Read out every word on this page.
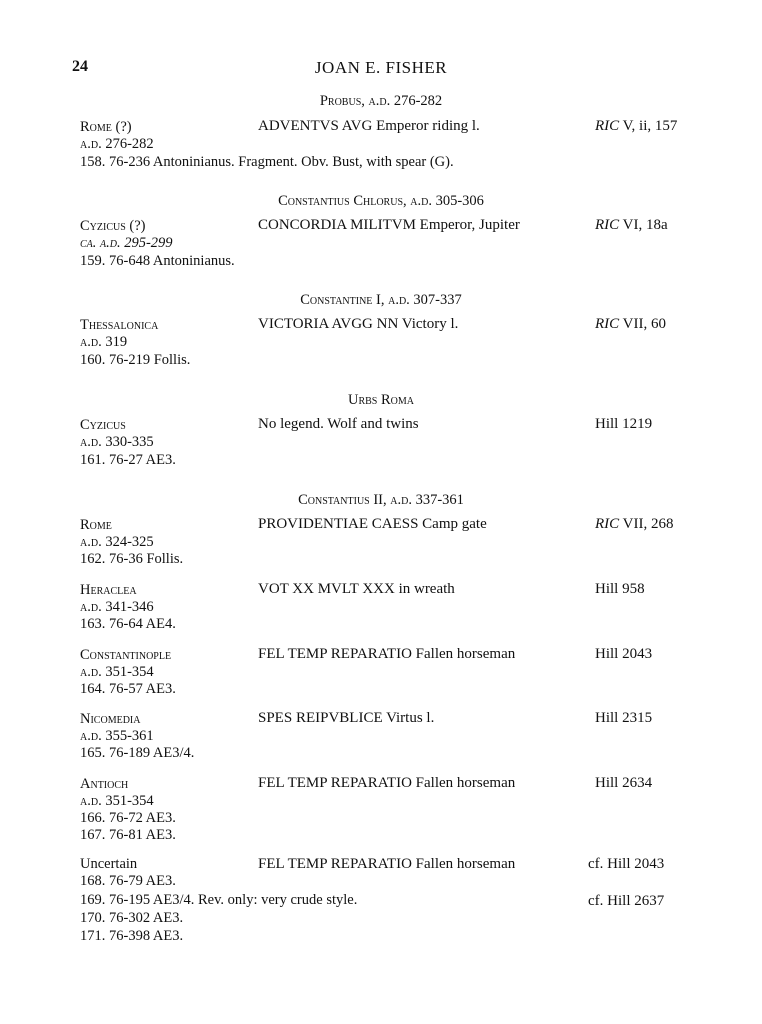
24	JOAN E. FISHER
Probus, a.d. 276-282
Rome (?)	ADVENTVS AVG Emperor riding l.	RIC V, ii, 157
a.d. 276-282
158. 76-236 Antoninianus. Fragment. Obv. Bust, with spear (G).
Constantius Chlorus, a.d. 305-306
Cyzicus (?)	CONCORDIA MILITVM Emperor, Jupiter	RIC VI, 18a
ca. a.d. 295-299
159. 76-648 Antoninianus.
Constantine I, a.d. 307-337
Thessalonica	VICTORIA AVGG NN Victory l.	RIC VII, 60
a.d. 319
160. 76-219 Follis.
Urbs Roma
Cyzicus	No legend. Wolf and twins	Hill 1219
a.d. 330-335
161. 76-27 AE3.
Constantius II, a.d. 337-361
Rome	PROVIDENTIAE CAESS Camp gate	RIC VII, 268
a.d. 324-325
162. 76-36 Follis.
Heraclea	VOT XX MVLT XXX in wreath	Hill 958
a.d. 341-346
163. 76-64 AE4.
Constantinople	FEL TEMP REPARATIO Fallen horseman	Hill 2043
a.d. 351-354
164. 76-57 AE3.
Nicomedia	SPES REIPVBLICE Virtus l.	Hill 2315
a.d. 355-361
165. 76-189 AE3/4.
Antioch	FEL TEMP REPARATIO Fallen horseman	Hill 2634
a.d. 351-354
166. 76-72 AE3.
167. 76-81 AE3.
Uncertain	FEL TEMP REPARATIO Fallen horseman	cf. Hill 2043
168. 76-79 AE3.
169. 76-195 AE3/4. Rev. only: very crude style.	cf. Hill 2637
170. 76-302 AE3.
171. 76-398 AE3.
